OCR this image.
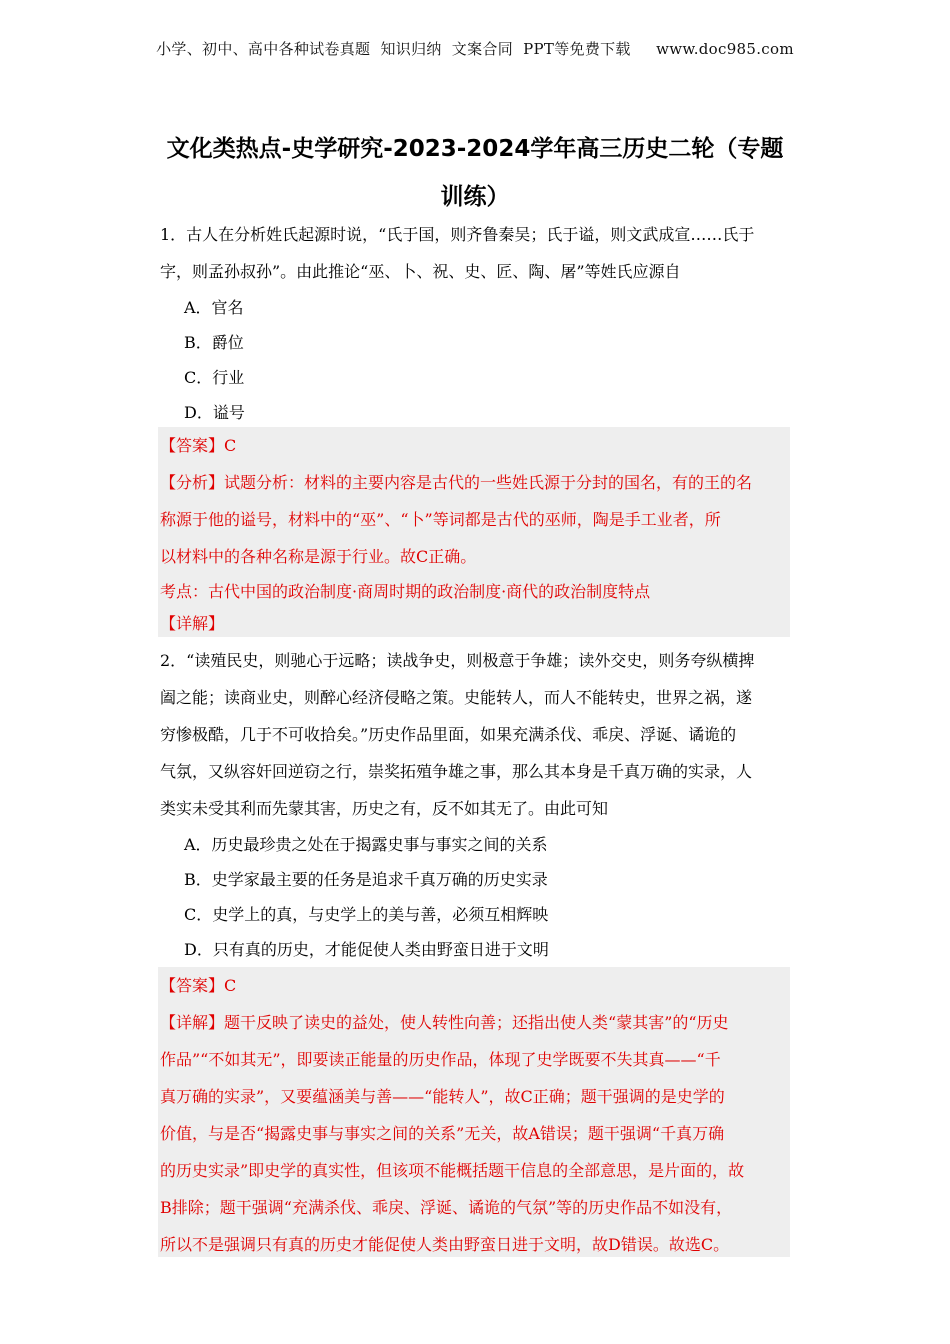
小学、初中、高中各种试卷真题  知识归纳  文案合同  PPT等免费下载     www.doc985.com
文化类热点-史学研究-2023-2024学年高三历史二轮（专题
训练）

1．古人在分析姓氏起源时说，“氏于国，则齐鲁秦吴；氏于谥，则文武成宣……氏于

字，则孟孙叔孙”。由此推论“巫、卜、祝、史、匠、陶、屠”等姓氏应源自

A．官名
B．爵位
C．行业
D．谥号
【答案】C
【分析】试题分析：材料的主要内容是古代的一些姓氏源于分封的国名，有的王的名
称源于他的谥号，材料中的“巫”、“卜”等词都是古代的巫师，陶是手工业者，所
以材料中的各种名称是源于行业。故C正确。
考点：古代中国的政治制度·商周时期的政治制度·商代的政治制度特点
【详解】

2．“读殖民史，则驰心于远略；读战争史，则极意于争雄；读外交史，则务夸纵横捭

阖之能；读商业史，则醉心经济侵略之策。史能转人，而人不能转史，世界之祸，遂

穷惨极酷，几于不可收拾矣。”历史作品里面，如果充满杀伐、乖戾、浮诞、谲诡的

气氛，又纵容奸回逆窃之行，崇奖拓殖争雄之事，那么其本身是千真万确的实录，人

类实未受其利而先蒙其害，历史之有，反不如其无了。由此可知

A．历史最珍贵之处在于揭露史事与事实之间的关系
B．史学家最主要的任务是追求千真万确的历史实录
C．史学上的真，与史学上的美与善，必须互相辉映
D．只有真的历史，才能促使人类由野蛮日进于文明
【答案】C
【详解】题干反映了读史的益处，使人转性向善；还指出使人类“蒙其害”的“历史
作品”“不如其无”，即要读正能量的历史作品，体现了史学既要不失其真——“千
真万确的实录”，又要蕴涵美与善——“能转人”，故C正确；题干强调的是史学的
价值，与是否“揭露史事与事实之间的关系”无关，故A错误；题干强调“千真万确
的历史实录”即史学的真实性，但该项不能概括题干信息的全部意思，是片面的，故
B排除；题干强调“充满杀伐、乖戾、浮诞、谲诡的气氛”等的历史作品不如没有，
所以不是强调只有真的历史才能促使人类由野蛮日进于文明，故D错误。故选C。
